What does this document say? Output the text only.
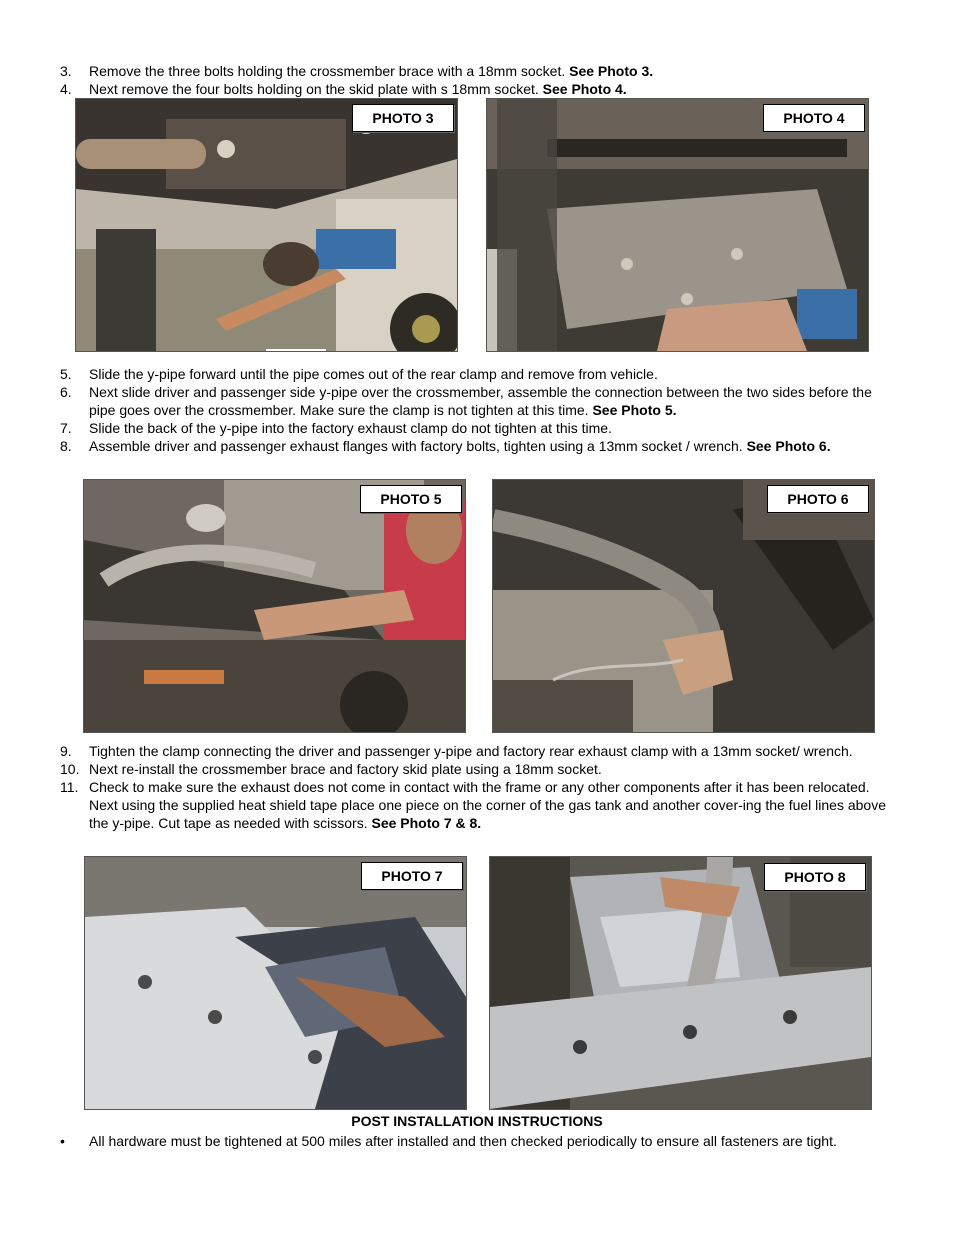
3.	Remove the three bolts holding the crossmember brace with a 18mm socket. See Photo 3.
4.	Next remove the four bolts holding on the skid plate with s 18mm socket. See Photo 4.
PHOTO 3	PHOTO 4
5.	Slide the y-pipe forward until the pipe comes out of the rear clamp and remove from vehicle.
6.	Next slide driver and passenger side y-pipe over the crossmember, assemble the connection between the two sides before the pipe goes over the crossmember. Make sure the clamp is not tighten at this time. See Photo 5.
7.	Slide the back of the y-pipe into the factory exhaust clamp do not tighten at this time.
8.	Assemble driver and passenger exhaust flanges with factory bolts, tighten using a 13mm socket / wrench. See Photo 6.
PHOTO 5	PHOTO 6
9.	Tighten the clamp connecting the driver and passenger y-pipe and factory rear exhaust clamp with a 13mm socket/ wrench.
10. Next re-install the crossmember brace and factory skid plate using a 18mm socket.
11. Check to make sure the exhaust does not come in contact with the frame or any other components after it has been relocated. Next using the supplied heat shield tape place one piece on the corner of the gas tank and another cover-ing the fuel lines above the y-pipe. Cut tape as needed with scissors. See Photo 7 & 8.
PHOTO 7	PHOTO 8
POST INSTALLATION INSTRUCTIONS
• All hardware must be tightened at 500 miles after installed and then checked periodically to ensure all fasteners are tight.
